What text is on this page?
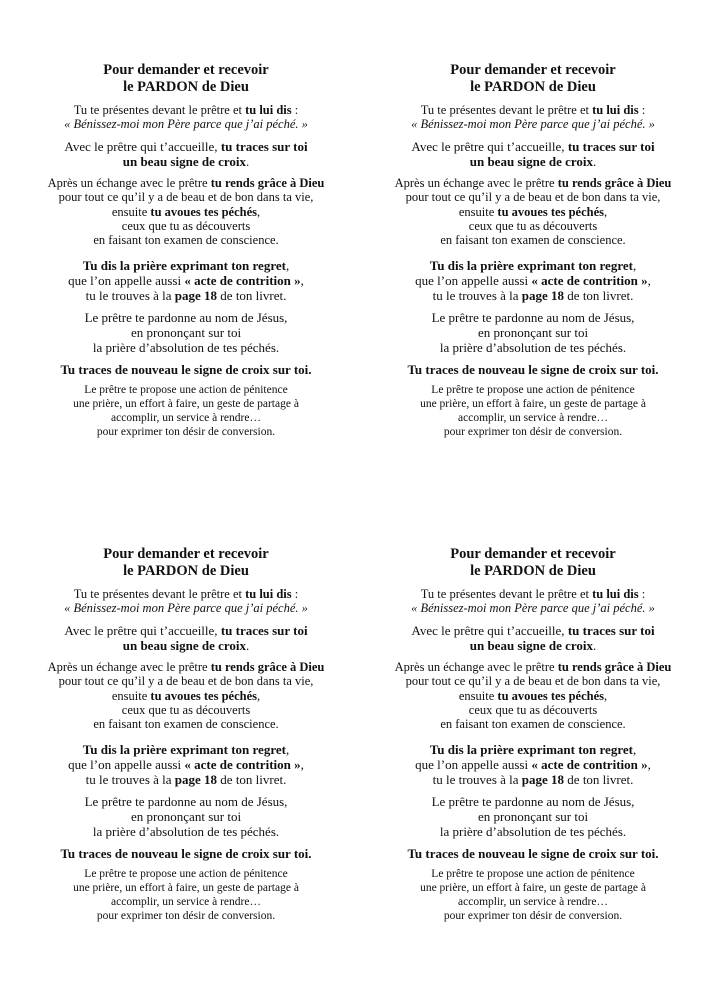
Pour demander et recevoir
le PARDON de Dieu
Tu te présentes devant le prêtre et tu lui dis :
« Bénissez-moi mon Père parce que j’ai péché. »
Avec le prêtre qui t’accueille, tu traces sur toi
un beau signe de croix.
Après un échange avec le prêtre tu rends grâce à Dieu
pour tout ce qu’il y a de beau et de bon dans ta vie,
ensuite tu avoues tes péchés,
ceux que tu as découverts
en faisant ton examen de conscience.
Tu dis la prière exprimant ton regret,
que l’on appelle aussi « acte de contrition »,
tu le trouves à la page 18 de ton livret.
Le prêtre te pardonne au nom de Jésus,
en prononçant sur toi
la prière d’absolution de tes péchés.
Tu traces de nouveau le signe de croix sur toi.
Le prêtre te propose une action de pénitence
une prière, un effort à faire, un geste de partage à
accomplir, un service à rendre…
pour exprimer ton désir de conversion.
Pour demander et recevoir
le PARDON de Dieu
Tu te présentes devant le prêtre et tu lui dis :
« Bénissez-moi mon Père parce que j’ai péché. »
Avec le prêtre qui t’accueille, tu traces sur toi
un beau signe de croix.
Après un échange avec le prêtre tu rends grâce à Dieu
pour tout ce qu’il y a de beau et de bon dans ta vie,
ensuite tu avoues tes péchés,
ceux que tu as découverts
en faisant ton examen de conscience.
Tu dis la prière exprimant ton regret,
que l’on appelle aussi « acte de contrition »,
tu le trouves à la page 18 de ton livret.
Le prêtre te pardonne au nom de Jésus,
en prononçant sur toi
la prière d’absolution de tes péchés.
Tu traces de nouveau le signe de croix sur toi.
Le prêtre te propose une action de pénitence
une prière, un effort à faire, un geste de partage à
accomplir, un service à rendre…
pour exprimer ton désir de conversion.
Pour demander et recevoir
le PARDON de Dieu
Tu te présentes devant le prêtre et tu lui dis :
« Bénissez-moi mon Père parce que j’ai péché. »
Avec le prêtre qui t’accueille, tu traces sur toi
un beau signe de croix.
Après un échange avec le prêtre tu rends grâce à Dieu
pour tout ce qu’il y a de beau et de bon dans ta vie,
ensuite tu avoues tes péchés,
ceux que tu as découverts
en faisant ton examen de conscience.
Tu dis la prière exprimant ton regret,
que l’on appelle aussi « acte de contrition »,
tu le trouves à la page 18 de ton livret.
Le prêtre te pardonne au nom de Jésus,
en prononçant sur toi
la prière d’absolution de tes péchés.
Tu traces de nouveau le signe de croix sur toi.
Le prêtre te propose une action de pénitence
une prière, un effort à faire, un geste de partage à
accomplir, un service à rendre…
pour exprimer ton désir de conversion.
Pour demander et recevoir
le PARDON de Dieu
Tu te présentes devant le prêtre et tu lui dis :
« Bénissez-moi mon Père parce que j’ai péché. »
Avec le prêtre qui t’accueille, tu traces sur toi
un beau signe de croix.
Après un échange avec le prêtre tu rends grâce à Dieu
pour tout ce qu’il y a de beau et de bon dans ta vie,
ensuite tu avoues tes péchés,
ceux que tu as découverts
en faisant ton examen de conscience.
Tu dis la prière exprimant ton regret,
que l’on appelle aussi « acte de contrition »,
tu le trouves à la page 18 de ton livret.
Le prêtre te pardonne au nom de Jésus,
en prononçant sur toi
la prière d’absolution de tes péchés.
Tu traces de nouveau le signe de croix sur toi.
Le prêtre te propose une action de pénitence
une prière, un effort à faire, un geste de partage à
accomplir, un service à rendre…
pour exprimer ton désir de conversion.
